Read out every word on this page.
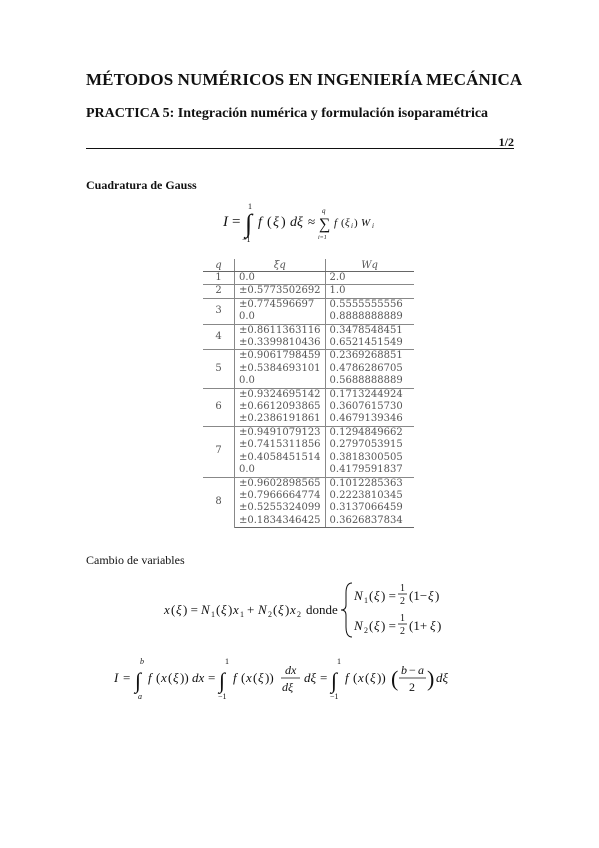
MÉTODOS NUMÉRICOS EN INGENIERÍA MECÁNICA
PRACTICA 5: Integración numérica y formulación isoparamétrica
1/2
Cuadratura de Gauss
I = ∫
1
−1
f ( ξ ) dξ ≈ ∑
q
i=1
f ( ξ i ) W i
q	ξq	Wq
1	0.0	2.0
2	±0.5773502692	1.0
3	±0.774596697	0.5555555556
	0.0	0.8888888889
4	±0.8611363116	0.3478548451
	±0.3399810436	0.6521451549
5	±0.9061798459	0.2369268851
	±0.5384693101	0.4786286705
	0.0	0.5688888889
6	±0.9324695142	0.1713244924
	±0.6612093865	0.3607615730
	±0.2386191861	0.4679139346
7	±0.9491079123	0.1294849662
	±0.7415311856	0.2797053915
	±0.4058451514	0.3818300505
	0.0	0.4179591837
8	±0.9602898565	0.1012285363
	±0.7966664774	0.2223810345
	±0.5255324099	0.3137066459
	±0.1834346425	0.3626837834
Cambio de variables
x ( ξ ) = N 1 ( ξ ) x 1 + N 2 ( ξ ) x 2 donde
N 1 ( ξ ) = 1
2 (1− ξ )
N 2 ( ξ ) = 1
2 (1+ ξ )
I = ∫
b
a
f ( x ( ξ )) dx = ∫
1
−1
f ( x ( ξ )) dx
dξ
dξ = ∫
1
−1
f ( x ( ξ )) ( b − a
2 ) dξ
